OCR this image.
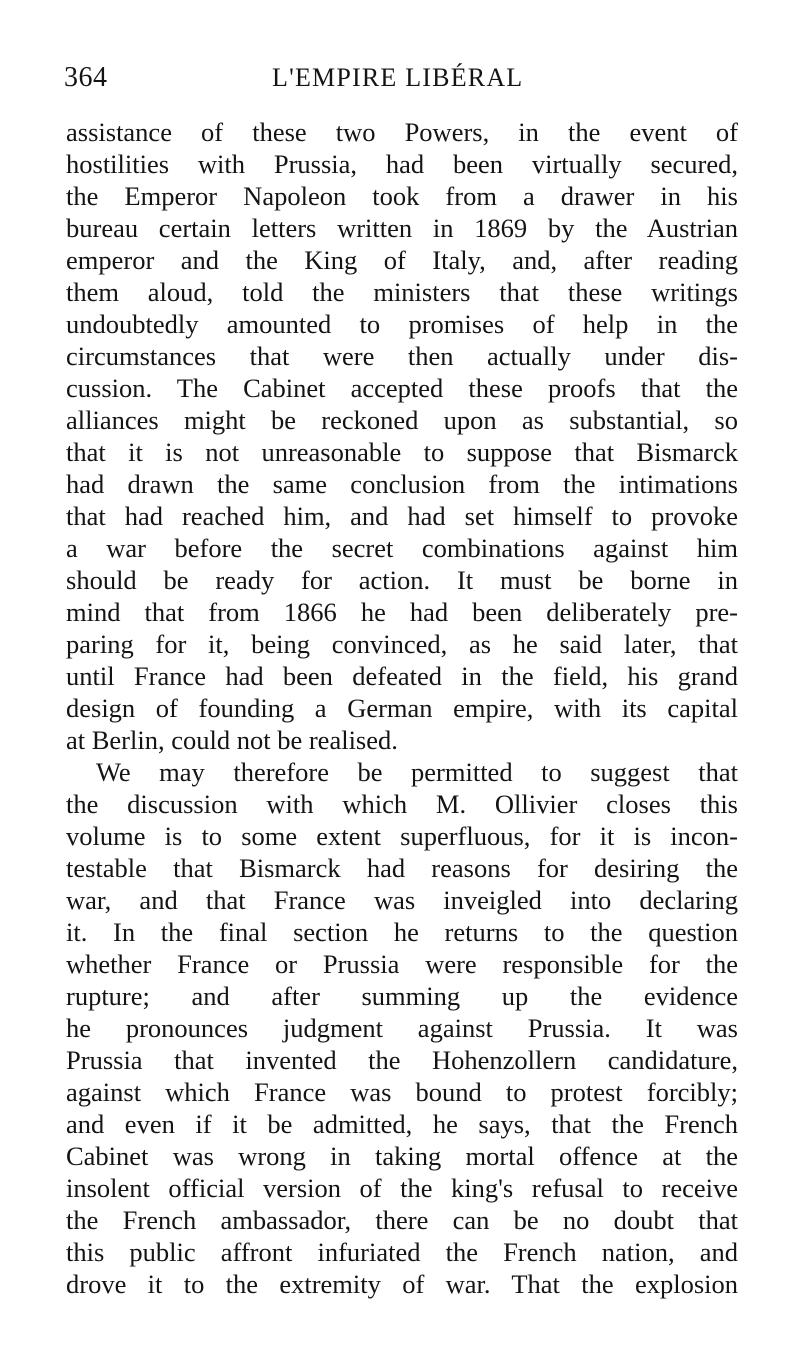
364	L'EMPIRE LIBÉRAL
assistance of these two Powers, in the event of
hostilities with Prussia, had been virtually secured,
the Emperor Napoleon took from a drawer in his
bureau certain letters written in 1869 by the Austrian
emperor and the King of Italy, and, after reading
them aloud, told the ministers that these writings
undoubtedly amounted to promises of help in the
circumstances that were then actually under dis-
cussion. The Cabinet accepted these proofs that the
alliances might be reckoned upon as substantial, so
that it is not unreasonable to suppose that Bismarck
had drawn the same conclusion from the intimations
that had reached him, and had set himself to provoke
a war before the secret combinations against him
should be ready for action. It must be borne in
mind that from 1866 he had been deliberately pre-
paring for it, being convinced, as he said later, that
until France had been defeated in the field, his grand
design of founding a German empire, with its capital
at Berlin, could not be realised.
We may therefore be permitted to suggest that
the discussion with which M. Ollivier closes this
volume is to some extent superfluous, for it is incon-
testable that Bismarck had reasons for desiring the
war, and that France was inveigled into declaring
it. In the final section he returns to the question
whether France or Prussia were responsible for the
rupture; and after summing up the evidence
he pronounces judgment against Prussia. It was
Prussia that invented the Hohenzollern candidature,
against which France was bound to protest forcibly;
and even if it be admitted, he says, that the French
Cabinet was wrong in taking mortal offence at the
insolent official version of the king's refusal to receive
the French ambassador, there can be no doubt that
this public affront infuriated the French nation, and
drove it to the extremity of war. That the explosion
